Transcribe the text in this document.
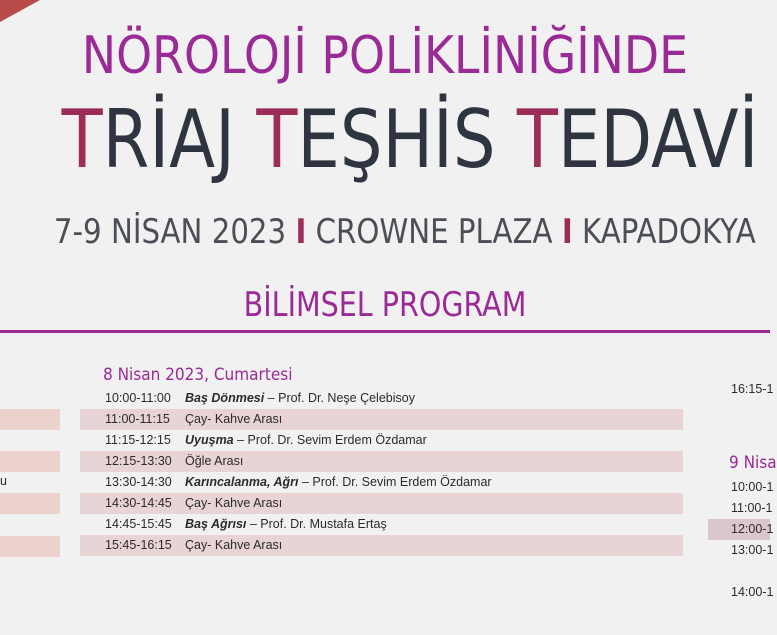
NÖROLOJİ POLİKLİNİĞİNDE
TRİAJ TEŞHİS TEDAVİ
7-9 NİSAN 2023 I CROWNE PLAZA I KAPADOKYA
BİLİMSEL PROGRAM
u
8 Nisan 2023, Cumartesi
10:00-11:00 Baş Dönmesi – Prof. Dr. Neşe Çelebisoy
11:00-11:15 Çay- Kahve Arası
11:15-12:15 Uyuşma – Prof. Dr. Sevim Erdem Özdamar
12:15-13:30 Öğle Arası
13:30-14:30 Karıncalanma, Ağrı – Prof. Dr. Sevim Erdem Özdamar
14:30-14:45 Çay- Kahve Arası
14:45-15:45 Baş Ağrısı – Prof. Dr. Mustafa Ertaş
15:45-16:15 Çay- Kahve Arası
16:15-1
9 Nisa
10:00-1
11:00-1
12:00-1
13:00-1
14:00-1
